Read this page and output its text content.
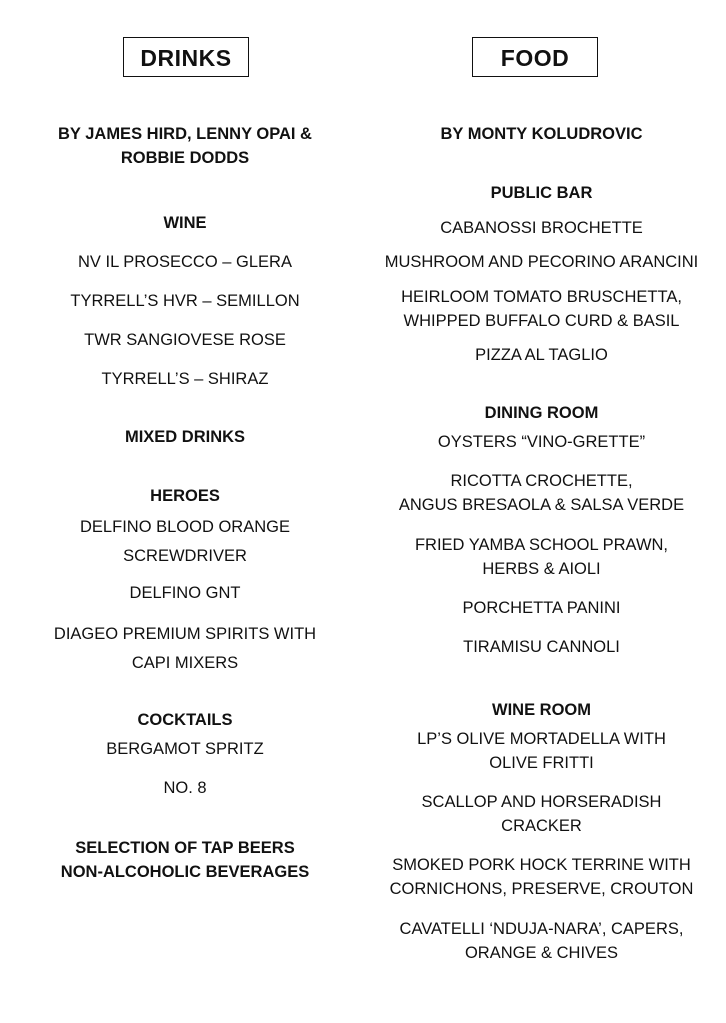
DRINKS
BY JAMES HIRD, LENNY OPAI &
ROBBIE DODDS
WINE
NV IL PROSECCO – GLERA
TYRRELL’S HVR – SEMILLON
TWR SANGIOVESE ROSE
TYRRELL’S – SHIRAZ
MIXED DRINKS
HEROES
DELFINO BLOOD ORANGE
SCREWDRIVER
DELFINO GNT
DIAGEO PREMIUM SPIRITS WITH
CAPI MIXERS
COCKTAILS
BERGAMOT SPRITZ
NO. 8
SELECTION OF TAP BEERS
NON-ALCOHOLIC BEVERAGES
FOOD
BY MONTY KOLUDROVIC
PUBLIC BAR
CABANOSSI BROCHETTE
MUSHROOM AND PECORINO ARANCINI
HEIRLOOM TOMATO BRUSCHETTA,
WHIPPED BUFFALO CURD & BASIL
PIZZA AL TAGLIO
DINING ROOM
OYSTERS “VINO-GRETTE”
RICOTTA CROCHETTE,
ANGUS BRESAOLA & SALSA VERDE
FRIED YAMBA SCHOOL PRAWN,
HERBS & AIOLI
PORCHETTA PANINI
TIRAMISU CANNOLI
WINE ROOM
LP’S OLIVE MORTADELLA WITH
OLIVE FRITTI
SCALLOP AND HORSERADISH
CRACKER
SMOKED PORK HOCK TERRINE WITH
CORNICHONS, PRESERVE, CROUTON
CAVATELLI ‘NDUJA-NARA’, CAPERS,
ORANGE & CHIVES
